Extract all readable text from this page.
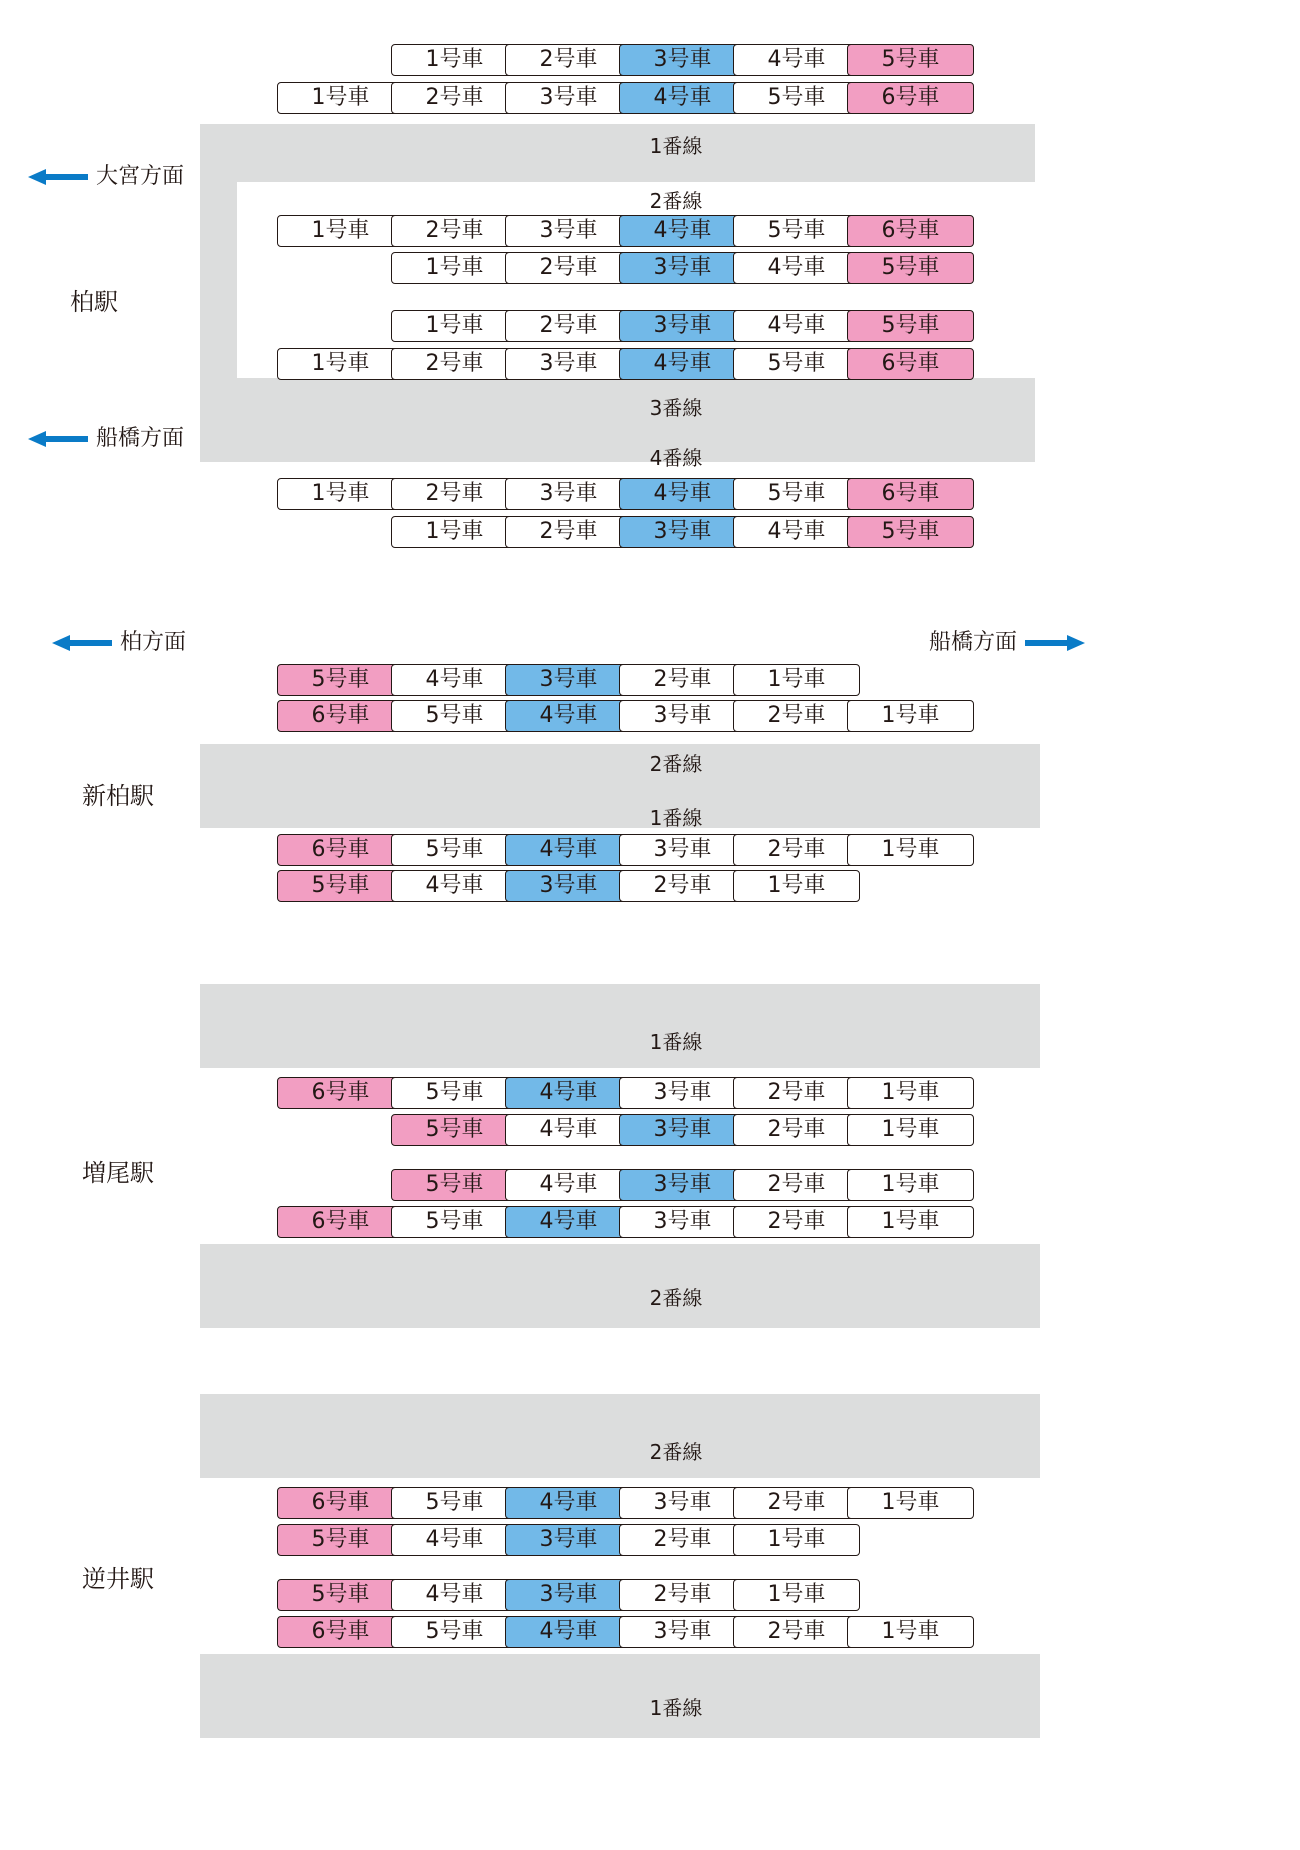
1番線
2番線
3番線
4番線
柏駅
大宮方面
船橋方面
1号車	2号車	3号車	4号車	5号車
1号車	2号車	3号車	4号車	5号車	6号車
1号車	2号車	3号車	4号車	5号車	6号車
1号車	2号車	3号車	4号車	5号車
1号車	2号車	3号車	4号車	5号車
1号車	2号車	3号車	4号車	5号車	6号車
1号車	2号車	3号車	4号車	5号車	6号車
1号車	2号車	3号車	4号車	5号車
2番線
1番線
新柏駅
柏方面	船橋方面
5号車	4号車	3号車	2号車	1号車
6号車	5号車	4号車	3号車	2号車	1号車
6号車	5号車	4号車	3号車	2号車	1号車
5号車	4号車	3号車	2号車	1号車
1番線
2番線
増尾駅
6号車	5号車	4号車	3号車	2号車	1号車
5号車	4号車	3号車	2号車	1号車
5号車	4号車	3号車	2号車	1号車
6号車	5号車	4号車	3号車	2号車	1号車
2番線
1番線
逆井駅
6号車	5号車	4号車	3号車	2号車	1号車
5号車	4号車	3号車	2号車	1号車
5号車	4号車	3号車	2号車	1号車
6号車	5号車	4号車	3号車	2号車	1号車
